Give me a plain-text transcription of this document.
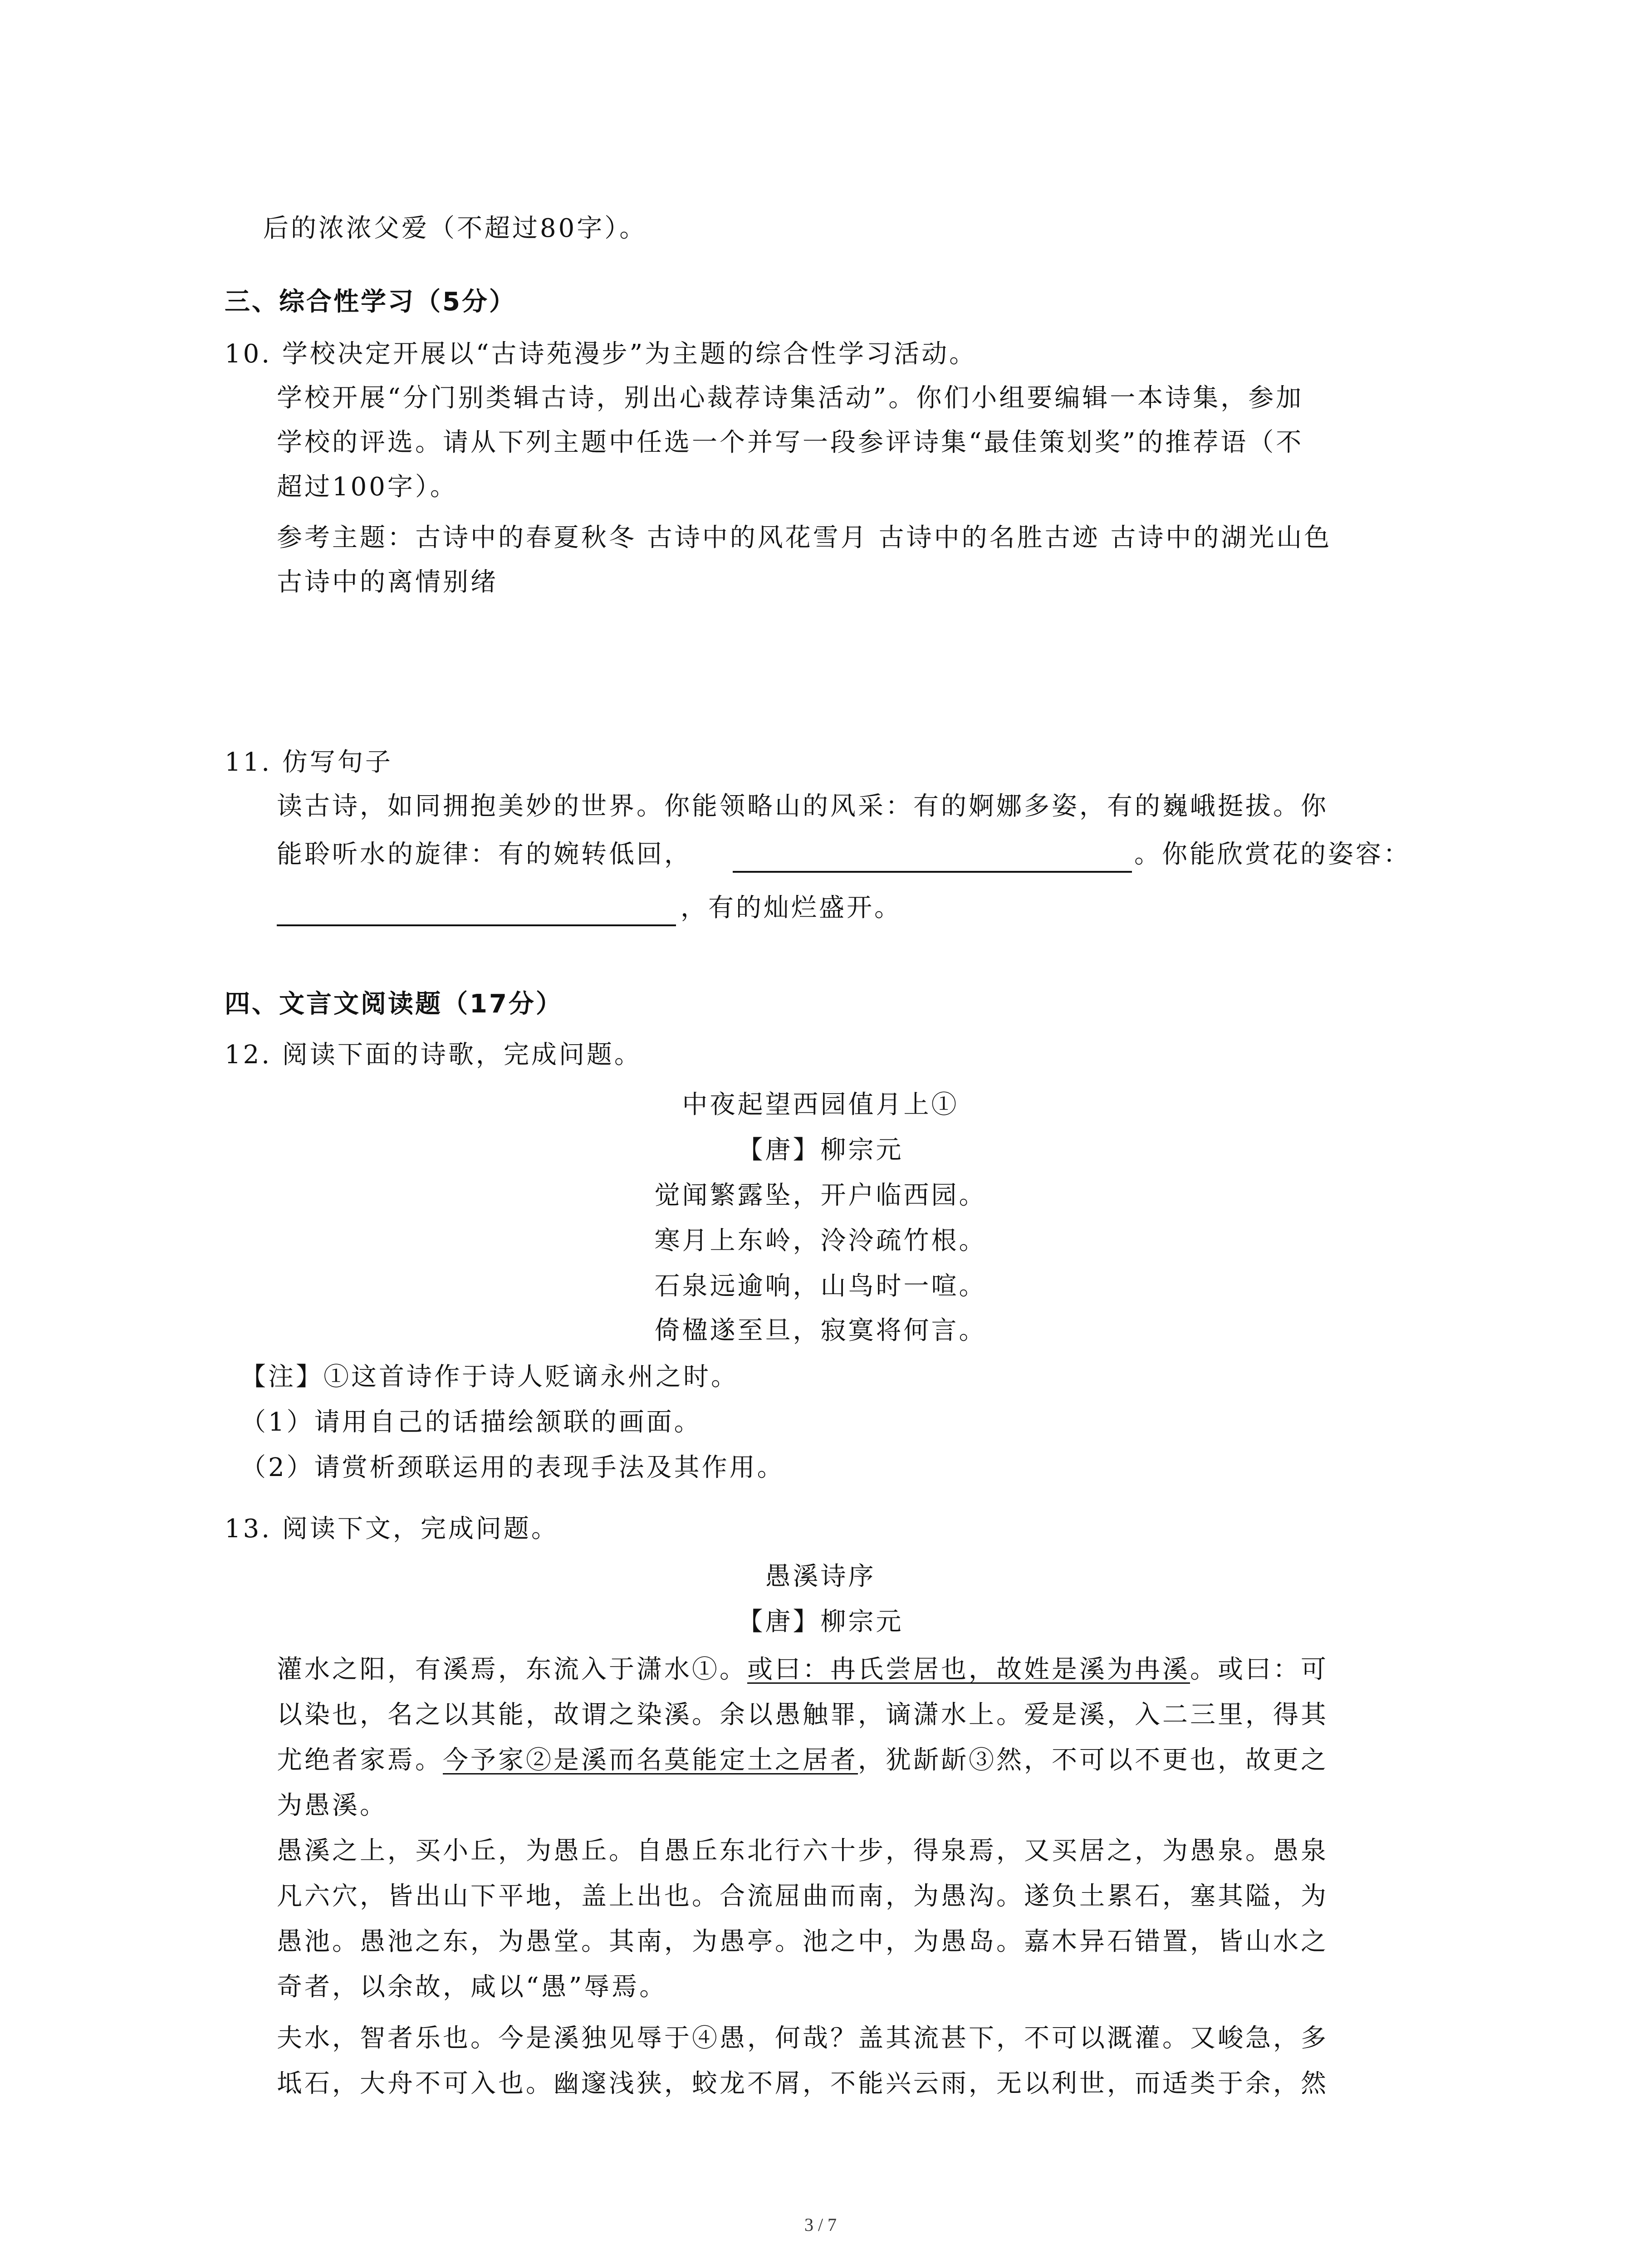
后的浓浓父爱（不超过80字）。
三、综合性学习（5分）
10. 学校决定开展以“古诗苑漫步”为主题的综合性学习活动。
学校开展“分门别类辑古诗，别出心裁荐诗集活动”。你们小组要编辑一本诗集，参加
学校的评选。请从下列主题中任选一个并写一段参评诗集“最佳策划奖”的推荐语（不
超过100字）。
参考主题：古诗中的春夏秋冬 古诗中的风花雪月 古诗中的名胜古迹 古诗中的湖光山色
古诗中的离情别绪
11. 仿写句子
读古诗，如同拥抱美妙的世界。你能领略山的风采：有的婀娜多姿，有的巍峨挺拔。你
能聆听水的旋律：有的婉转低回，	。你能欣赏花的姿容：
，有的灿烂盛开。
四、文言文阅读题（17分）
12. 阅读下面的诗歌，完成问题。
中夜起望西园值月上①
【唐】柳宗元
觉闻繁露坠，开户临西园。
寒月上东岭，泠泠疏竹根。
石泉远逾响，山鸟时一喧。
倚楹遂至旦，寂寞将何言。
【注】①这首诗作于诗人贬谪永州之时。
（1）请用自己的话描绘颔联的画面。
（2）请赏析颈联运用的表现手法及其作用。
13. 阅读下文，完成问题。
愚溪诗序
【唐】柳宗元
灌水之阳，有溪焉，东流入于潇水①。或曰：冉氏尝居也，故姓是溪为冉溪。或曰：可
以染也，名之以其能，故谓之染溪。余以愚触罪，谪潇水上。爱是溪，入二三里，得其
尤绝者家焉。今予家②是溪而名莫能定土之居者，犹龂龂③然，不可以不更也，故更之
为愚溪。
愚溪之上，买小丘，为愚丘。自愚丘东北行六十步，得泉焉，又买居之，为愚泉。愚泉
凡六穴，皆出山下平地，盖上出也。合流屈曲而南，为愚沟。遂负土累石，塞其隘，为
愚池。愚池之东，为愚堂。其南，为愚亭。池之中，为愚岛。嘉木异石错置，皆山水之
奇者，以余故，咸以“愚”辱焉。
夫水，智者乐也。今是溪独见辱于④愚，何哉？盖其流甚下，不可以溉灌。又峻急，多
坻石，大舟不可入也。幽邃浅狭，蛟龙不屑，不能兴云雨，无以利世，而适类于余，然
3 / 7
